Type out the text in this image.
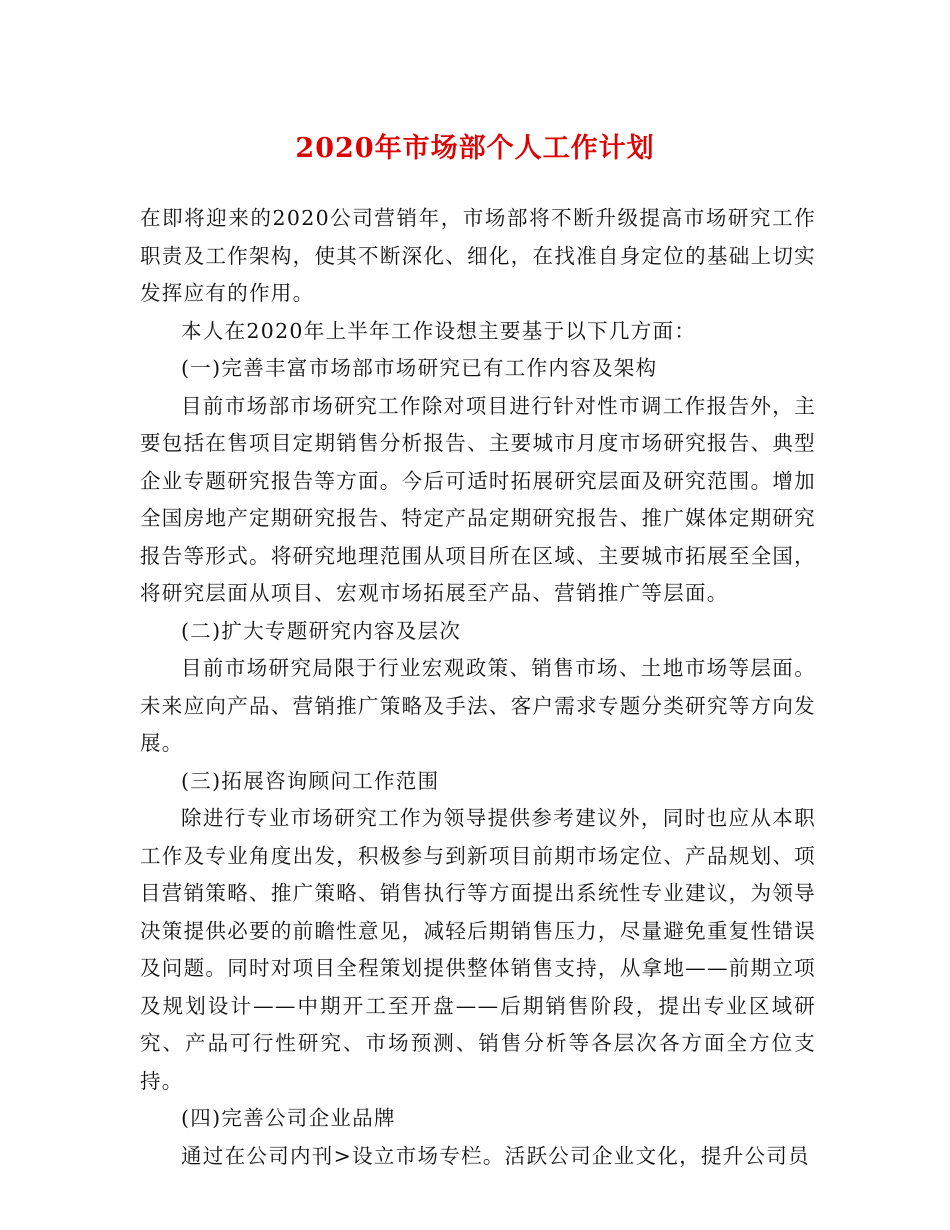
2020年市场部个人工作计划

在即将迎来的2020公司营销年，市场部将不断升级提高市场研究工作职责及工作架构，使其不断深化、细化，在找准自身定位的基础上切实发挥应有的作用。

本人在2020年上半年工作设想主要基于以下几方面：

(一)完善丰富市场部市场研究已有工作内容及架构

目前市场部市场研究工作除对项目进行针对性市调工作报告外，主要包括在售项目定期销售分析报告、主要城市月度市场研究报告、典型企业专题研究报告等方面。今后可适时拓展研究层面及研究范围。增加全国房地产定期研究报告、特定产品定期研究报告、推广媒体定期研究报告等形式。将研究地理范围从项目所在区域、主要城市拓展至全国，将研究层面从项目、宏观市场拓展至产品、营销推广等层面。

(二)扩大专题研究内容及层次

目前市场研究局限于行业宏观政策、销售市场、土地市场等层面。未来应向产品、营销推广策略及手法、客户需求专题分类研究等方向发展。

(三)拓展咨询顾问工作范围

除进行专业市场研究工作为领导提供参考建议外，同时也应从本职工作及专业角度出发，积极参与到新项目前期市场定位、产品规划、项目营销策略、推广策略、销售执行等方面提出系统性专业建议，为领导决策提供必要的前瞻性意见，减轻后期销售压力，尽量避免重复性错误及问题。同时对项目全程策划提供整体销售支持，从拿地——前期立项及规划设计——中期开工至开盘——后期销售阶段，提出专业区域研究、产品可行性研究、市场预测、销售分析等各层次各方面全方位支持。

(四)完善公司企业品牌

通过在公司内刊>设立市场专栏。活跃公司企业文化，提升公司员
